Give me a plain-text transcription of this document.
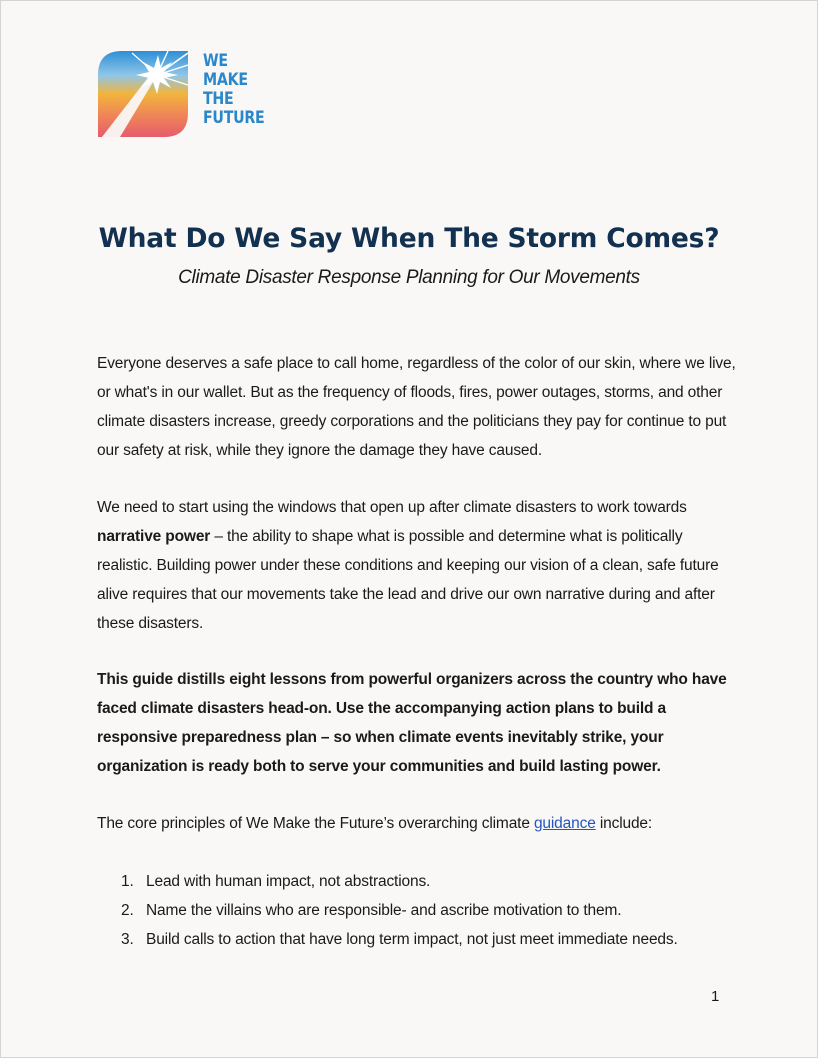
WE
MAKE
THE
FUTURE
What Do We Say When The Storm Comes?

Climate Disaster Response Planning for Our Movements

Everyone deserves a safe place to call home, regardless of the color of our skin, where we live, or what's in our wallet. But as the frequency of floods, fires, power outages, storms, and other climate disasters increase, greedy corporations and the politicians they pay for continue to put our safety at risk, while they ignore the damage they have caused.

We need to start using the windows that open up after climate disasters to work towards narrative power – the ability to shape what is possible and determine what is politically realistic. Building power under these conditions and keeping our vision of a clean, safe future alive requires that our movements take the lead and drive our own narrative during and after these disasters.

This guide distills eight lessons from powerful organizers across the country who have faced climate disasters head-on. Use the accompanying action plans to build a responsive preparedness plan – so when climate events inevitably strike, your organization is ready both to serve your communities and build lasting power.

The core principles of We Make the Future’s overarching climate guidance include:

1. Lead with human impact, not abstractions.
2. Name the villains who are responsible- and ascribe motivation to them.
3. Build calls to action that have long term impact, not just meet immediate needs.
1
